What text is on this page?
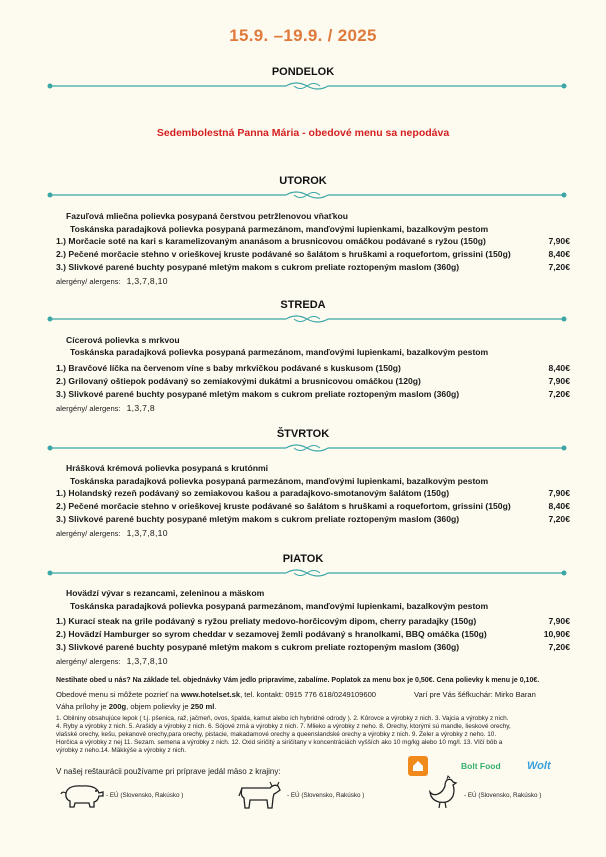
15.9. –19.9. / 2025
PONDELOK
Sedembolestná Panna Mária - obedové menu sa nepodáva
UTOROK
Fazuľová mliečna polievka posypaná čerstvou petržlenovou vňaťkou
Toskánska paradajková polievka posypaná parmezánom, manďovými lupienkami, bazalkovým pestom
1.) Morčacie soté na kari s karamelizovaným ananásom a brusnicovou omáčkou podávané s ryžou (150g)	7,90€
2.) Pečené morčacie stehno v orieškovej kruste podávané so šalátom s hruškami a roquefortom, grissini (150g)	8,40€
3.) Slivkové parené buchty posypané mletým makom s cukrom preliate roztopeným maslom (360g)	7,20€
alergény/ alergens: 1,3,7,8,10
STREDA
Cícerová polievka s mrkvou
Toskánska paradajková polievka posypaná parmezánom, manďovými lupienkami, bazalkovým pestom
1.) Bravčové líčka na červenom víne s baby mrkvičkou podávané s kuskusom (150g)	8,40€
2.) Grilovaný oštiepok podávaný so zemiakovými dukátmi a brusnicovou omáčkou (120g)	7,90€
3.) Slivkové parené buchty posypané mletým makom s cukrom preliate roztopeným maslom (360g)	7,20€
alergény/ alergens: 1,3,7,8
ŠTVRTOK
Hrášková krémová polievka posypaná s krutónmi
Toskánska paradajková polievka posypaná parmezánom, manďovými lupienkami, bazalkovým pestom
1.) Holandský rezeň podávaný so zemiakovou kašou a paradajkovo-smotanovým šalátom (150g)	7,90€
2.) Pečené morčacie stehno v orieškovej kruste podávané so šalátom s hruškami a roquefortom, grissini (150g)	8,40€
3.) Slivkové parené buchty posypané mletým makom s cukrom preliate roztopeným maslom (360g)	7,20€
alergény/ alergens: 1,3,7,8,10
PIATOK
Hovädzí vývar s rezancami, zeleninou a mäskom
Toskánska paradajková polievka posypaná parmezánom, manďovými lupienkami, bazalkovým pestom
1.) Kurací steak na grile podávaný s ryžou preliaty medovo-horčicovým dipom, cherry paradajky (150g)	7,90€
2.) Hovädzí Hamburger so syrom cheddar v sezamovej žemli podávaný s hranolkami, BBQ omáčka (150g)	10,90€
3.) Slivkové parené buchty posypané mletým makom s cukrom preliate roztopeným maslom (360g)	7,20€
alergény/ alergens: 1,3,7,8,10
Nestihate obed u nás? Na základe tel. objednávky Vám jedlo pripravíme, zabalíme. Poplatok za menu box je 0,50€. Cena polievky k menu je 0,10€.
Obedové menu si môžete pozrieť na www.hotelset.sk, tel. kontakt: 0915 776 618/0249109600	Varí pre Vás šéfkuchár: Mirko Baran
Váha prílohy je 200g, objem polievky je 250 ml.
1. Obilniny obsahujúce lepok ( t.j. pšenica, raž, jačmeň, ovos, špalda, kamut alebo ich hybridné odrody ). 2. Kôrovce a výrobky z nich. 3. Vajcia a výrobky z nich.
4. Ryby a výrobky z nich. 5. Arašidy a výrobky z nich. 6. Sójové zrná a výrobky z nich. 7. Mlieko a výrobky z neho. 8. Orechy, ktorými sú mandle, lieskové orechy,
vlašské orechy, kešu, pekanové orechy,para orechy, pistacie, makadamové orechy a queenslandské orechy a výrobky z nich. 9. Zeler a výrobky z neho. 10.
Horčica a výrobky z nej 11. Sezam. semena a výrobky z nich. 12. Oxid siričitý a siričitany v koncentráciách vyšších ako 10 mg/kg alebo 10 mg/l. 13. Vlčí bôb a
výrobky z neho.14. Mäkkýše a výrobky z nich.
V našej reštaurácii používame pri príprave jedál mäso z krajiny:
Bolt Food Wolt
- EÚ (Slovensko, Rakúsko )	- EÚ (Slovensko, Rakúsko )	- EÚ (Slovensko, Rakúsko )
